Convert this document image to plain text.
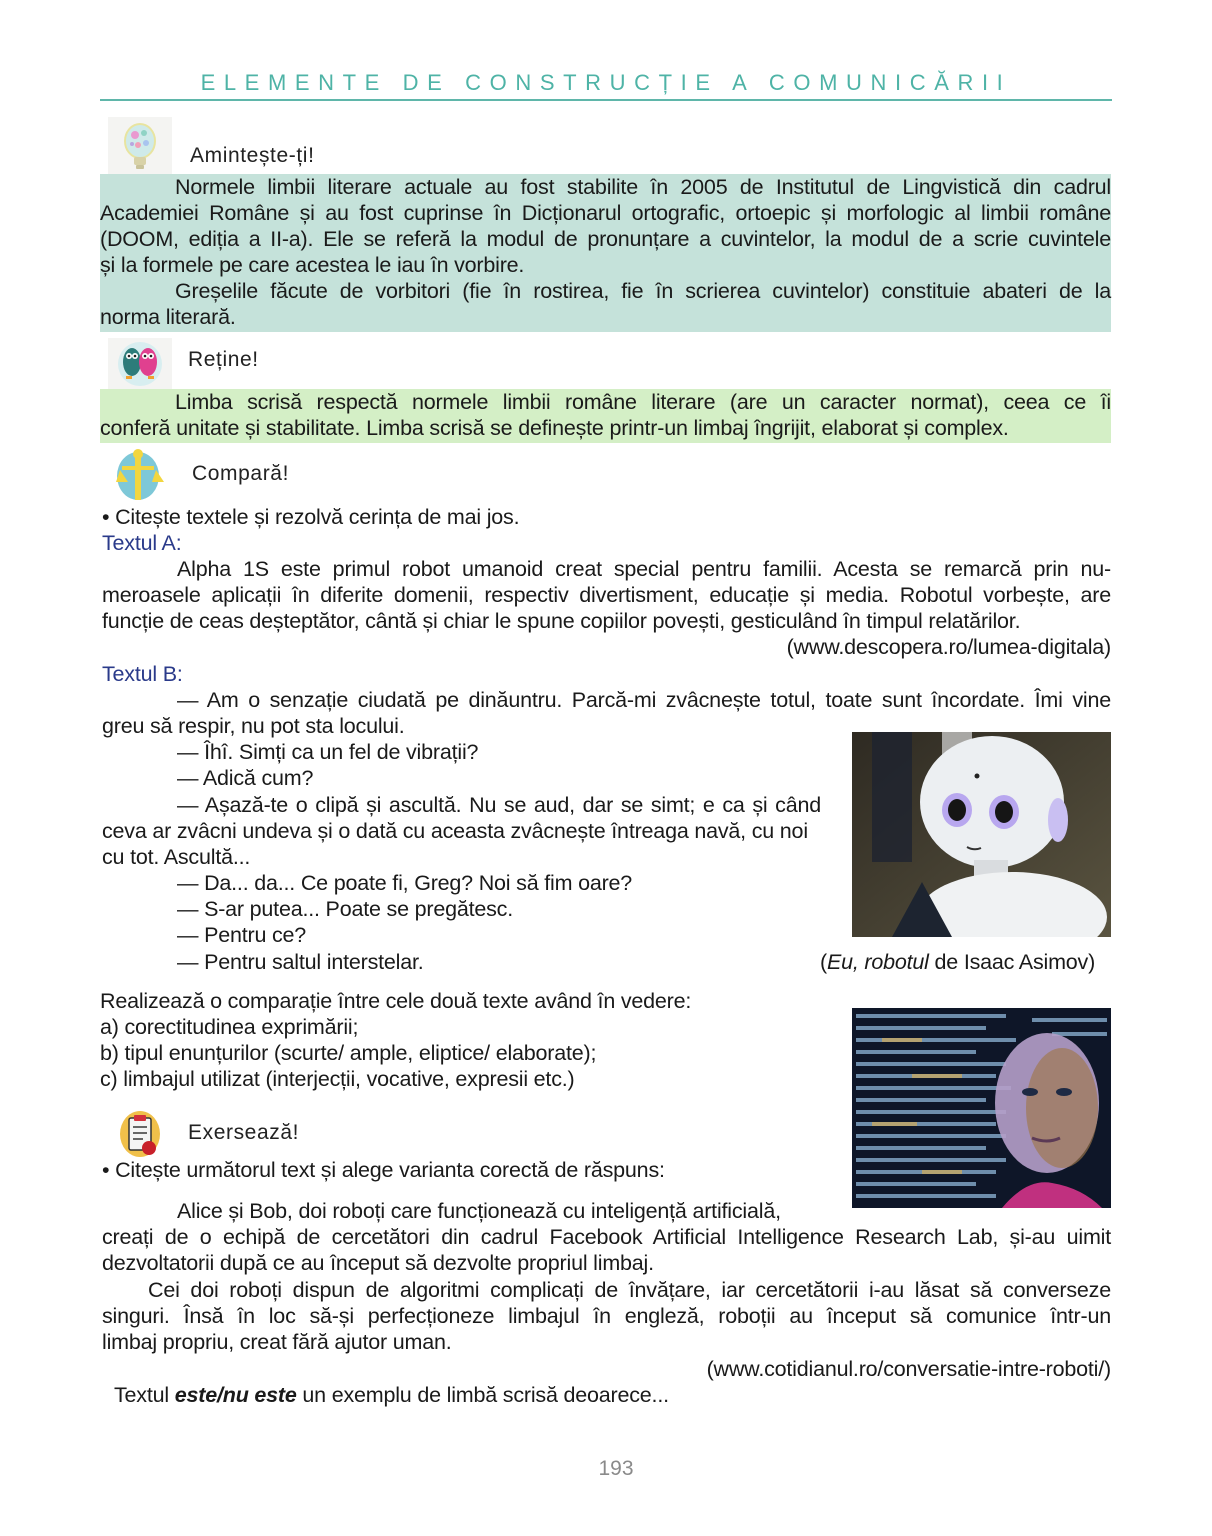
ELEMENTE DE CONSTRUCȚIE A COMUNICĂRII
Amintește-ți!
Normele limbii literare actuale au fost stabilite în 2005 de Institutul de Lingvistică din cadrul
Academiei Române și au fost cuprinse în Dicționarul ortografic, ortoepic și morfologic al limbii române
(DOOM, ediția a II-a). Ele se referă la modul de pronunțare a cuvintelor, la modul de a scrie cuvintele
și la formele pe care acestea le iau în vorbire.
Greșelile făcute de vorbitori (fie în rostirea, fie în scrierea cuvintelor) constituie abateri de la
norma literară.
Reține!
Limba scrisă respectă normele limbii române literare (are un caracter normat), ceea ce îi
conferă unitate și stabilitate. Limba scrisă se definește printr-un limbaj îngrijit, elaborat și complex.
Compară!
• Citește textele și rezolvă cerința de mai jos.
Textul A:
Alpha 1S este primul robot umanoid creat special pentru familii. Acesta se remarcă prin nu-
meroasele aplicații în diferite domenii, respectiv divertisment, educație și media. Robotul vorbește, are
funcție de ceas deșteptător, cântă și chiar le spune copiilor povești, gesticulând în timpul relatărilor.
(www.descopera.ro/lumea-digitala)
Textul B:
— Am o senzație ciudată pe dinăuntru. Parcă-mi zvâcnește totul, toate sunt încordate. Îmi vine
greu să respir, nu pot sta locului.
— Îhî. Simți ca un fel de vibrații?
— Adică cum?
— Așază-te o clipă și ascultă. Nu se aud, dar se simt; e ca și când
ceva ar zvâcni undeva și o dată cu aceasta zvâcnește întreaga navă, cu noi
cu tot. Ascultă...
— Da... da... Ce poate fi, Greg? Noi să fim oare?
— S-ar putea... Poate se pregătesc.
— Pentru ce?
— Pentru saltul interstelar.	(Eu, robotul de Isaac Asimov)
Realizează o comparație între cele două texte având în vedere:
a) corectitudinea exprimării;
b) tipul enunțurilor (scurte/ ample, eliptice/ elaborate);
c) limbajul utilizat (interjecții, vocative, expresii etc.)
Exersează!
• Citește următorul text și alege varianta corectă de răspuns:
Alice și Bob, doi roboți care funcționează cu inteligență artificială,
creați de o echipă de cercetători din cadrul Facebook Artificial Intelligence Research Lab, și-au uimit
dezvoltatorii după ce au început să dezvolte propriul limbaj.
Cei doi roboți dispun de algoritmi complicați de învățare, iar cercetătorii i-au lăsat să converseze
singuri. Însă în loc să-și perfecționeze limbajul în engleză, roboții au început să comunice într-un
limbaj propriu, creat fără ajutor uman.
(www.cotidianul.ro/conversatie-intre-roboti/)
Textul este/nu este un exemplu de limbă scrisă deoarece...
193
